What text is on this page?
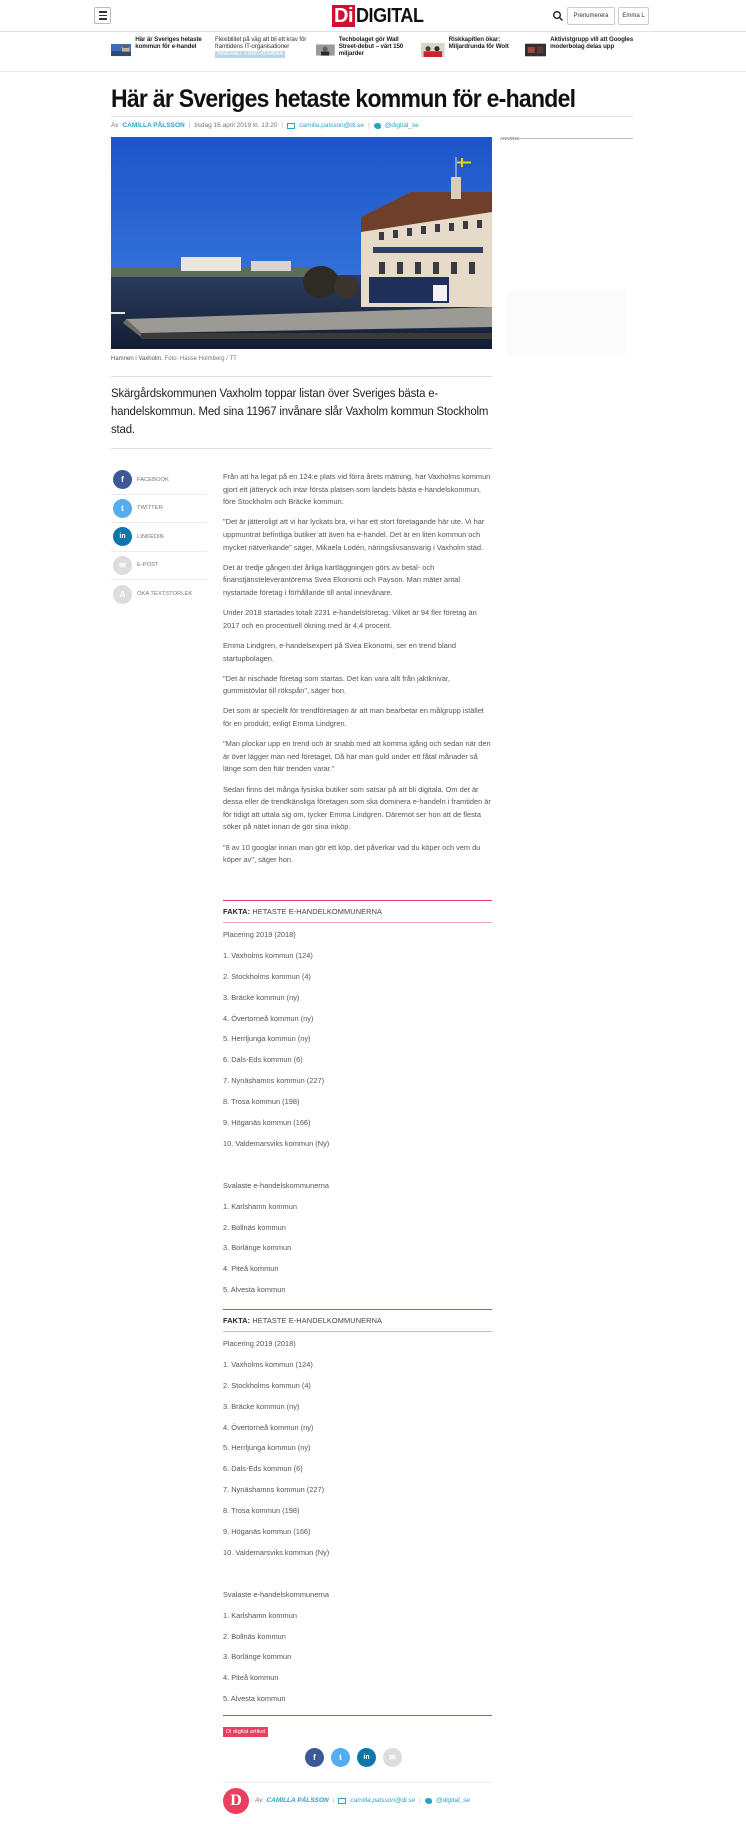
Di DIGITAL	Prenumerera	Emma L
Här är Sveriges hetaste kommun för e-handel
Flexibilitet på väg att bli ett krav för framtidens IT-organisationer
INNEHÅLL FRÅN ADVANIA
Techbolaget gör Wall Street-debut – värt 150 miljarder
Riskkapitlen ökar: Miljardrunda för Wolt
Aktivistgrupp vill att Googles moderbolag delas upp
Här är Sveriges hetaste kommun för e-handel
Av CAMILLA PÅLSSON | tisdag 16 april 2019 kl. 13:20 | camilla.palsson@di.se | @digital_se
Hamnen i Vaxholm. Foto: Hasse Holmberg / TT

Skärgårdskommunen Vaxholm toppar listan över Sveriges bästa e-handelskommun. Med sina 11967 invånare slår Vaxholm kommun Stockholm stad.

f	FACEBOOK
t	TWITTER
in	LINKEDIN
✉	E-POST
A	ÖKA TEXTSTORLEK

Från att ha legat på en 124:e plats vid förra årets mätning, har Vaxholms kommun gjort ett jätteryck och intar första platsen som landets bästa e-handelskommun, före Stockholm och Bräcke kommun.

"Det är jätteroligt att vi har lyckats bra, vi har ett stort företagande här ute. Vi har uppmuntrat befintliga butiker att även ha e-handel. Det är en liten kommun och mycket nätverkande" säger, Mikaela Lodén, näringslivsansvarig i Vaxholm stad.

Det är tredje gången det årliga kartläggningen görs av betal- och finanstjänsteleverantörerna Svea Ekonomi och Payson. Man mäter antal nystartade företag i förhållande till antal innevånare.

Under 2018 startades totalt 2231 e-handelsföretag. Vilket är 94 fler företag än 2017 och en procentuell ökning med är 4,4 procent.

Emma Lindgren, e-handelsexpert på Svea Ekonomi, ser en trend bland startupbolagen.

"Det är nischade företag som startas. Det kan vara allt från jaktknivar, gummistövlar till rökspån", säger hon.

Det som är speciellt för trendföretagen är att man bearbetar en målgrupp istället för en produkt, enligt Emma Lindgren.

"Man plockar upp en trend och är snabb med att komma igång och sedan när den är över lägger man ned företaget. Då har man guld under ett fåtal månader så länge som den här trenden varar."

Sedan finns det många fysiska butiker som satsar på att bli digitala. Om det är dessa eller de trendkänsliga företagen som ska dominera e-handeln i framtiden är för tidigt att uttala sig om, tycker Emma Lindgren. Däremot ser hon att de flesta söker på nätet innan de gör sina inköp.

"8 av 10 googlar innan man gör ett köp, det påverkar vad du köper och vem du köper av", säger hon.

FAKTA: HETASTE E-HANDELKOMMUNERNA
Placering 2019 (2018)
1. Vaxholms kommun (124)
2. Stockholms kommun (4)
3. Bräcke kommun (ny)
4. Övertorneå kommun (ny)
5. Herrljunga kommun (ny)
6. Dals-Eds kommun (6)
7. Nynäshamns kommun (227)
8. Trosa kommun (198)
9. Höganäs kommun (166)
10. Valdemarsviks kommun (Ny)
Svalaste e-handelskommunerna
1. Karlshamn kommun
2. Bollnäs kommun
3. Borlänge kommun
4. Piteå kommun
5. Alvesta kommun
FAKTA: HETASTE E-HANDELKOMMUNERNA
Placering 2019 (2018)
1. Vaxholms kommun (124)
2. Stockholms kommun (4)
3. Bräcke kommun (ny)
4. Övertorneå kommun (ny)
5. Herrljunga kommun (ny)
6. Dals-Eds kommun (6)
7. Nynäshamns kommun (227)
8. Trosa kommun (198)
9. Höganäs kommun (166)
10. Valdemarsviks kommun (Ny)
Svalaste e-handelskommunerna
1. Karlshamn kommun
2. Bollnäs kommun
3. Borlänge kommun
4. Piteå kommun
5. Alvesta kommun
Di digital artikel
f	t	in	✉
D	Av CAMILLA PÅLSSON | camilla.palsson@di.se | @digital_se
